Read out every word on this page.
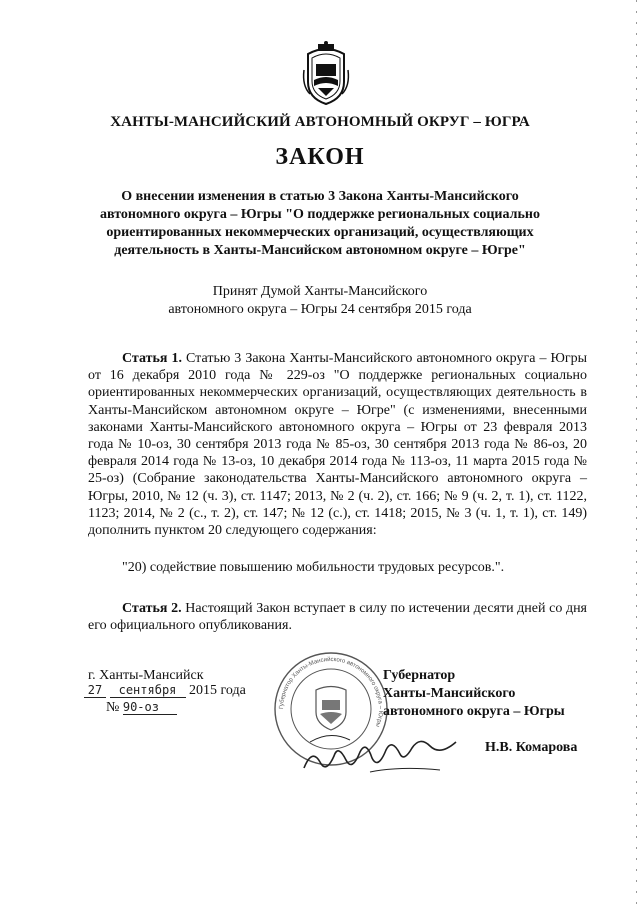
ХАНТЫ-МАНСИЙСКИЙ АВТОНОМНЫЙ ОКРУГ – ЮГРА
ЗАКОН
О внесении изменения в статью 3 Закона Ханты-Мансийского
автономного округа – Югры "О поддержке региональных социально
ориентированных некоммерческих организаций, осуществляющих
деятельность в Ханты-Мансийском автономном округе – Югре"
Принят Думой Ханты-Мансийского
автономного округа – Югры 24 сентября 2015 года
Статья 1. Статью 3 Закона Ханты-Мансийского автономного округа – Югры от 16 декабря 2010 года № 229-оз "О поддержке региональных социально ориентированных некоммерческих организаций, осуществляющих деятельность в Ханты-Мансийском автономном округе – Югре" (с изменениями, внесенными законами Ханты-Мансийского автономного округа – Югры от 23 февраля 2013 года № 10-оз, 30 сентября 2013 года № 85-оз, 30 сентября 2013 года № 86-оз, 20 февраля 2014 года № 13-оз, 10 декабря 2014 года № 113-оз, 11 марта 2015 года № 25-оз) (Собрание законодательства Ханты-Мансийского автономного округа – Югры, 2010, № 12 (ч. 3), ст. 1147; 2013, № 2 (ч. 2), ст. 166; № 9 (ч. 2, т. 1), ст. 1122, 1123; 2014, № 2 (с., т. 2), ст. 147; № 12 (с.), ст. 1418; 2015, № 3 (ч. 1, т. 1), ст. 149) дополнить пунктом 20 следующего содержания:
"20) содействие повышению мобильности трудовых ресурсов.".
Статья 2. Настоящий Закон вступает в силу по истечении десяти дней со дня его официального опубликования.
г. Ханты-Мансийск
27 сентября 2015 года
№ 90-оз	Губернатор Ханты-Мансийского автономного округа – Югры
Губернатор
Ханты-Мансийского
автономного округа – Югры
Н.В. Комарова
